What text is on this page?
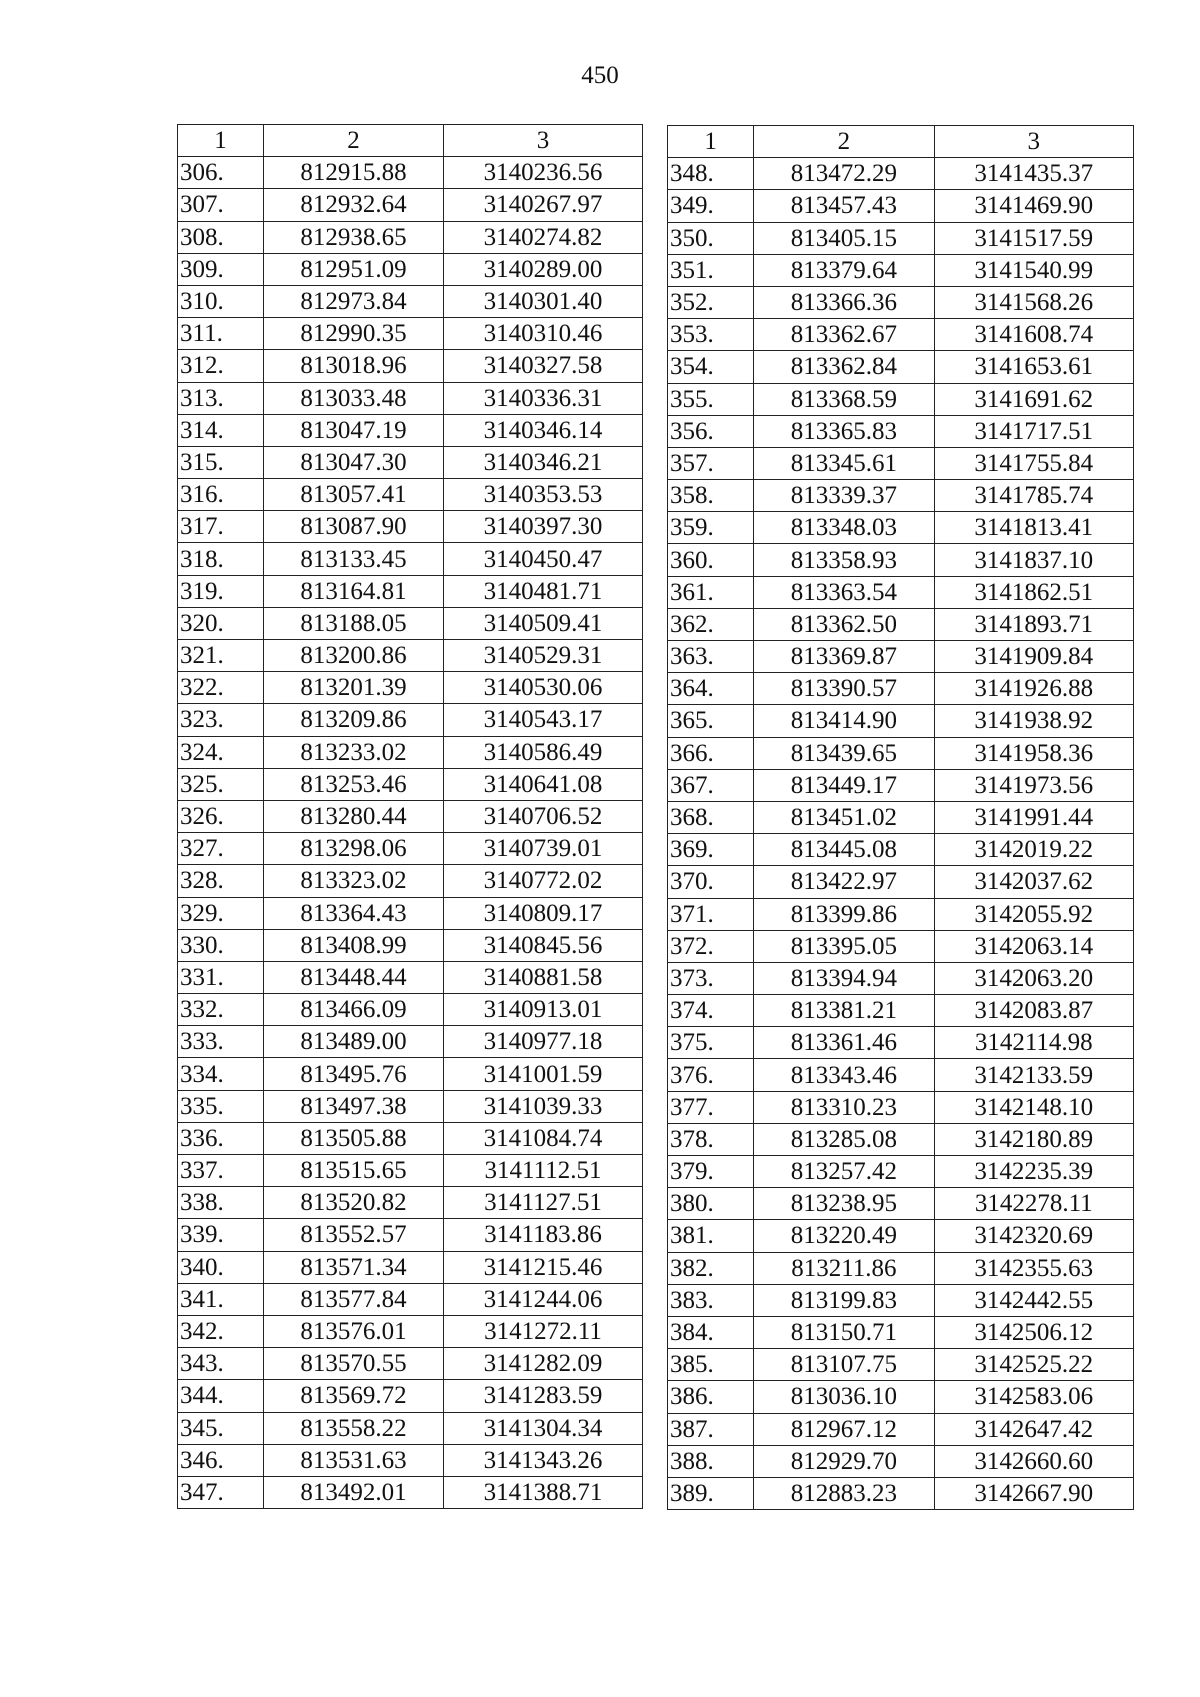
450
1	2	3
306.	812915.88	3140236.56
307.	812932.64	3140267.97
308.	812938.65	3140274.82
309.	812951.09	3140289.00
310.	812973.84	3140301.40
311.	812990.35	3140310.46
312.	813018.96	3140327.58
313.	813033.48	3140336.31
314.	813047.19	3140346.14
315.	813047.30	3140346.21
316.	813057.41	3140353.53
317.	813087.90	3140397.30
318.	813133.45	3140450.47
319.	813164.81	3140481.71
320.	813188.05	3140509.41
321.	813200.86	3140529.31
322.	813201.39	3140530.06
323.	813209.86	3140543.17
324.	813233.02	3140586.49
325.	813253.46	3140641.08
326.	813280.44	3140706.52
327.	813298.06	3140739.01
328.	813323.02	3140772.02
329.	813364.43	3140809.17
330.	813408.99	3140845.56
331.	813448.44	3140881.58
332.	813466.09	3140913.01
333.	813489.00	3140977.18
334.	813495.76	3141001.59
335.	813497.38	3141039.33
336.	813505.88	3141084.74
337.	813515.65	3141112.51
338.	813520.82	3141127.51
339.	813552.57	3141183.86
340.	813571.34	3141215.46
341.	813577.84	3141244.06
342.	813576.01	3141272.11
343.	813570.55	3141282.09
344.	813569.72	3141283.59
345.	813558.22	3141304.34
346.	813531.63	3141343.26
347.	813492.01	3141388.71
1	2	3
348.	813472.29	3141435.37
349.	813457.43	3141469.90
350.	813405.15	3141517.59
351.	813379.64	3141540.99
352.	813366.36	3141568.26
353.	813362.67	3141608.74
354.	813362.84	3141653.61
355.	813368.59	3141691.62
356.	813365.83	3141717.51
357.	813345.61	3141755.84
358.	813339.37	3141785.74
359.	813348.03	3141813.41
360.	813358.93	3141837.10
361.	813363.54	3141862.51
362.	813362.50	3141893.71
363.	813369.87	3141909.84
364.	813390.57	3141926.88
365.	813414.90	3141938.92
366.	813439.65	3141958.36
367.	813449.17	3141973.56
368.	813451.02	3141991.44
369.	813445.08	3142019.22
370.	813422.97	3142037.62
371.	813399.86	3142055.92
372.	813395.05	3142063.14
373.	813394.94	3142063.20
374.	813381.21	3142083.87
375.	813361.46	3142114.98
376.	813343.46	3142133.59
377.	813310.23	3142148.10
378.	813285.08	3142180.89
379.	813257.42	3142235.39
380.	813238.95	3142278.11
381.	813220.49	3142320.69
382.	813211.86	3142355.63
383.	813199.83	3142442.55
384.	813150.71	3142506.12
385.	813107.75	3142525.22
386.	813036.10	3142583.06
387.	812967.12	3142647.42
388.	812929.70	3142660.60
389.	812883.23	3142667.90
